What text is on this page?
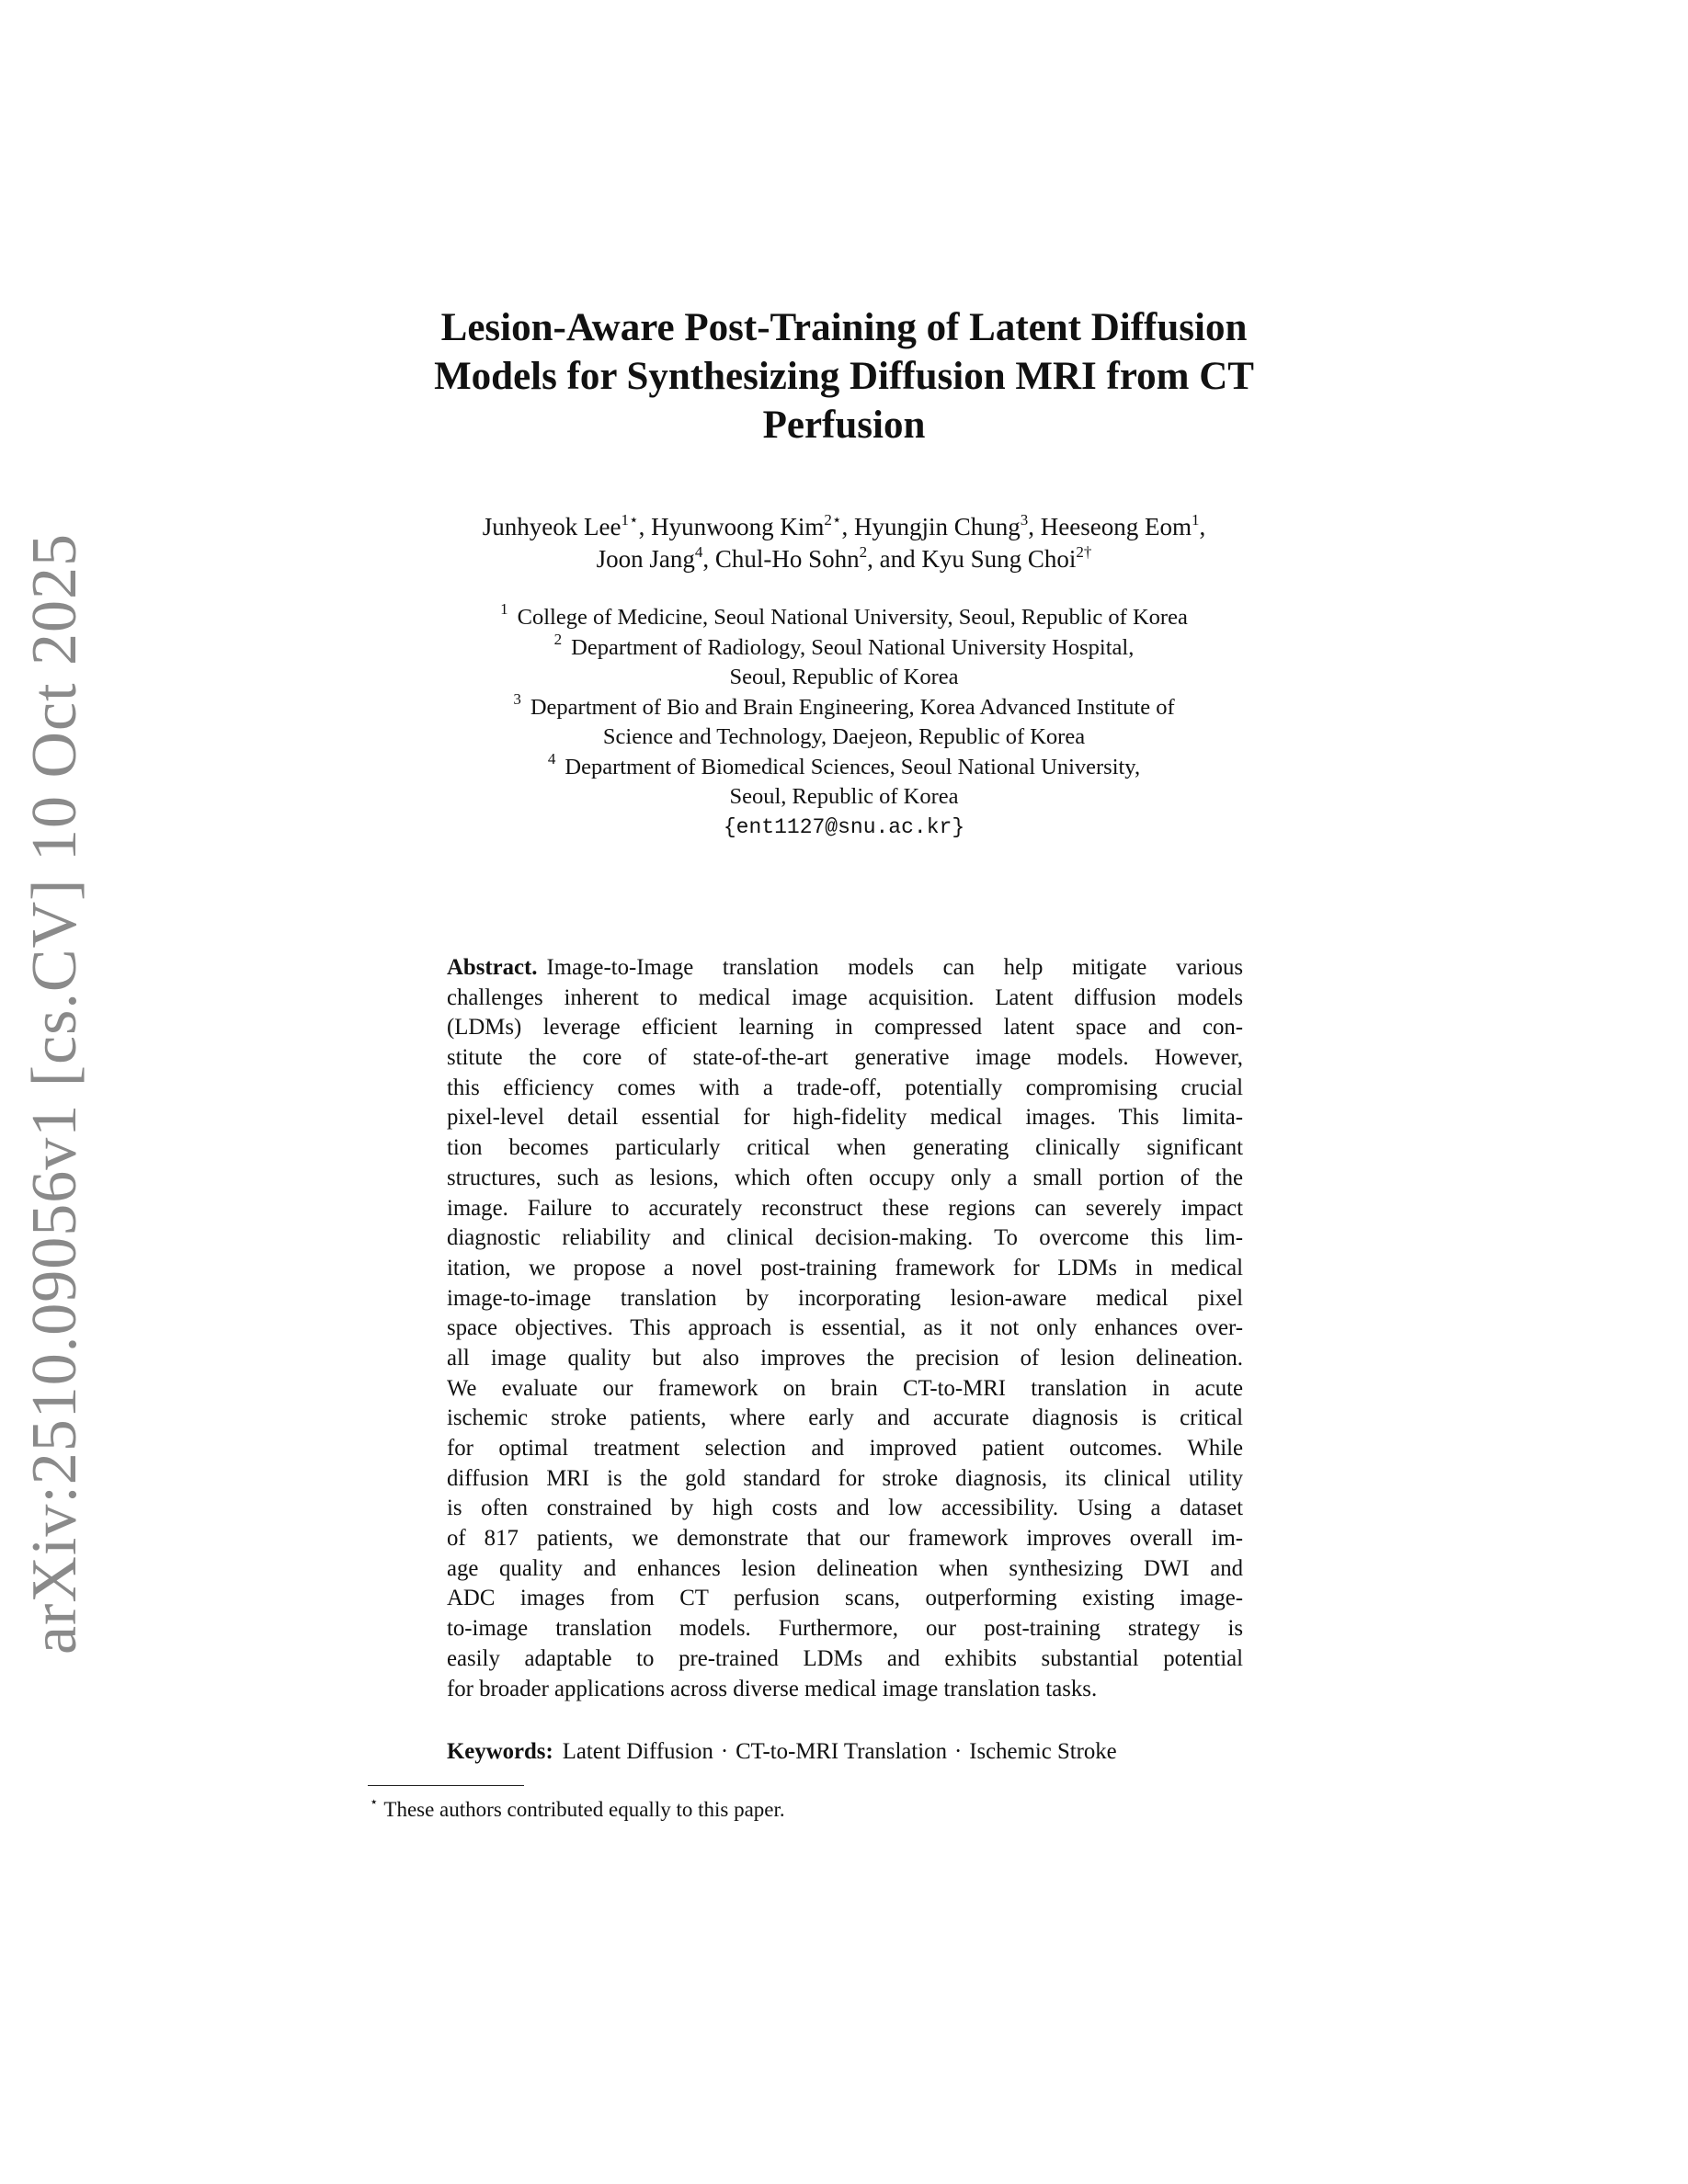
arXiv:2510.09056v1 [cs.CV] 10 Oct 2025
Lesion-Aware Post-Training of Latent Diffusion
Models for Synthesizing Diffusion MRI from CT
Perfusion
Junhyeok Lee$^{1⋆}$, Hyunwoong Kim$^{2⋆}$, Hyungjin Chung$^3$, Heeseong Eom$^1$,
Joon Jang$^4$, Chul-Ho Sohn$^2$, and Kyu Sung Choi$^{2\dagger}$
$^1$ College of Medicine, Seoul National University, Seoul, Republic of Korea
$^2$ Department of Radiology, Seoul National University Hospital,
Seoul, Republic of Korea
$^3$ Department of Bio and Brain Engineering, Korea Advanced Institute of
Science and Technology, Daejeon, Republic of Korea
$^4$ Department of Biomedical Sciences, Seoul National University,
Seoul, Republic of Korea
{ent1127@snu.ac.kr}
Abstract. Image-to-Image translation models can help mitigate various
challenges inherent to medical image acquisition. Latent diffusion models
(LDMs) leverage efficient learning in compressed latent space and con-
stitute the core of state-of-the-art generative image models. However,
this efficiency comes with a trade-off, potentially compromising crucial
pixel-level detail essential for high-fidelity medical images. This limita-
tion becomes particularly critical when generating clinically significant
structures, such as lesions, which often occupy only a small portion of the
image. Failure to accurately reconstruct these regions can severely impact
diagnostic reliability and clinical decision-making. To overcome this lim-
itation, we propose a novel post-training framework for LDMs in medical
image-to-image translation by incorporating lesion-aware medical pixel
space objectives. This approach is essential, as it not only enhances over-
all image quality but also improves the precision of lesion delineation.
We evaluate our framework on brain CT-to-MRI translation in acute
ischemic stroke patients, where early and accurate diagnosis is critical
for optimal treatment selection and improved patient outcomes. While
diffusion MRI is the gold standard for stroke diagnosis, its clinical utility
is often constrained by high costs and low accessibility. Using a dataset
of 817 patients, we demonstrate that our framework improves overall im-
age quality and enhances lesion delineation when synthesizing DWI and
ADC images from CT perfusion scans, outperforming existing image-
to-image translation models. Furthermore, our post-training strategy is
easily adaptable to pre-trained LDMs and exhibits substantial potential
for broader applications across diverse medical image translation tasks.
Keywords: Latent Diffusion · CT-to-MRI Translation · Ischemic Stroke
⋆ These authors contributed equally to this paper.
